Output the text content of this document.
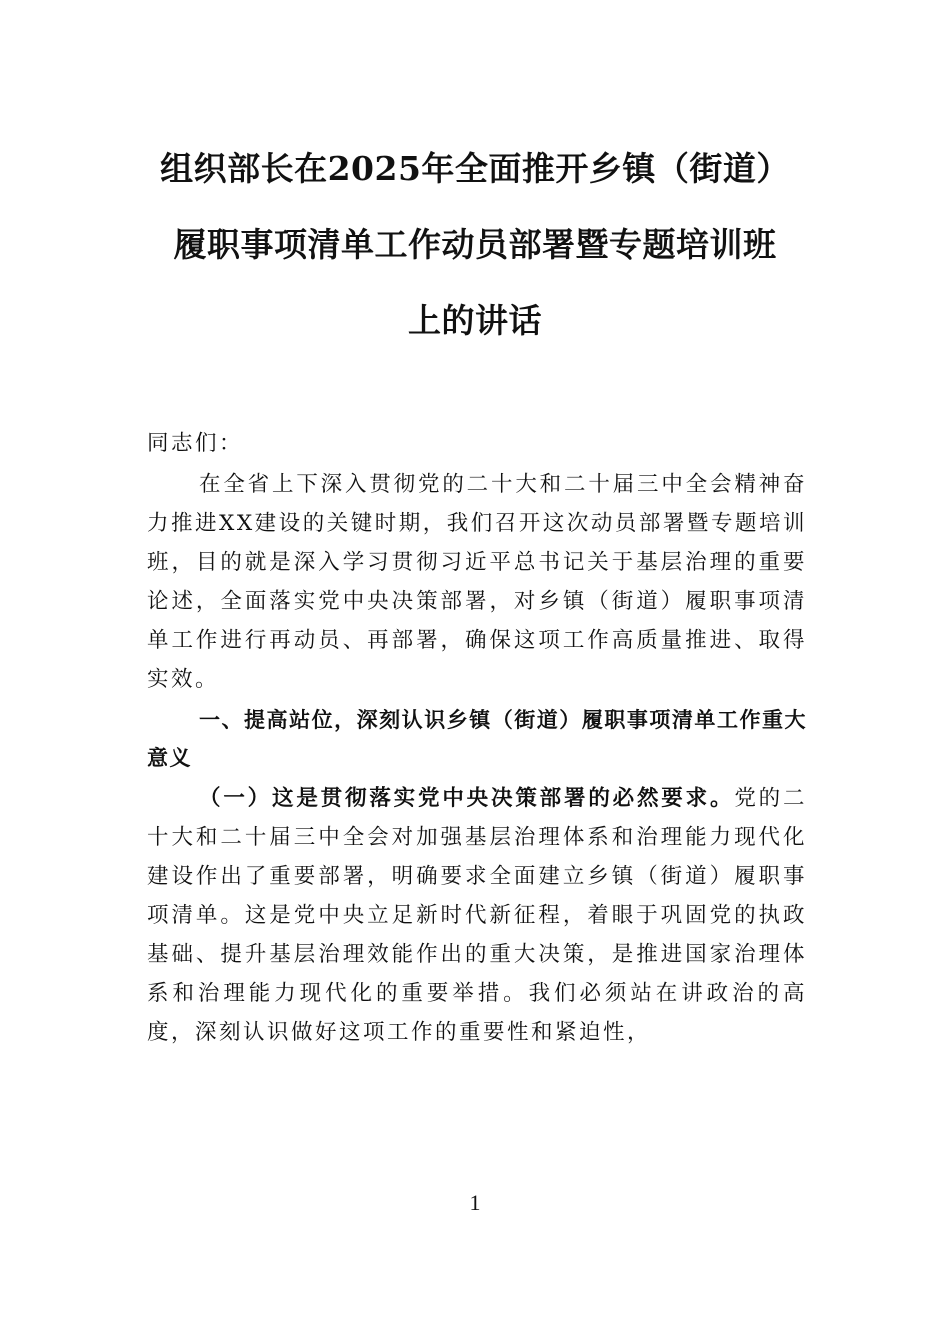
组织部长在2025年全面推开乡镇（街道）
履职事项清单工作动员部署暨专题培训班
上的讲话

同志们：

在全省上下深入贯彻党的二十大和二十届三中全会精神奋力推进XX建设的关键时期，我们召开这次动员部署暨专题培训班，目的就是深入学习贯彻习近平总书记关于基层治理的重要论述，全面落实党中央决策部署，对乡镇（街道）履职事项清单工作进行再动员、再部署，确保这项工作高质量推进、取得实效。

一、提高站位，深刻认识乡镇（街道）履职事项清单工作重大意义

（一）这是贯彻落实党中央决策部署的必然要求。党的二十大和二十届三中全会对加强基层治理体系和治理能力现代化建设作出了重要部署，明确要求全面建立乡镇（街道）履职事项清单。这是党中央立足新时代新征程，着眼于巩固党的执政基础、提升基层治理效能作出的重大决策，是推进国家治理体系和治理能力现代化的重要举措。我们必须站在讲政治的高度，深刻认识做好这项工作的重要性和紧迫性，

1
